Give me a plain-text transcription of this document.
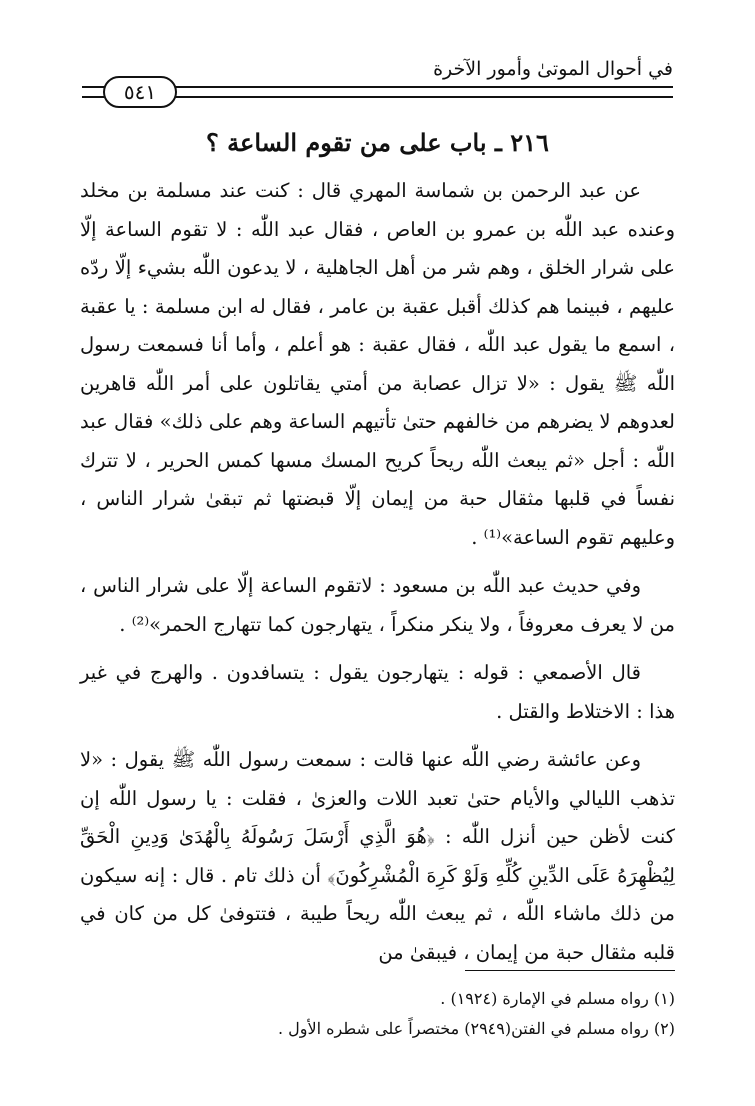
في أحوال الموتىٰ وأمور الآخرة
٥٤١
٢١٦ ـ باب على من تقوم الساعة ؟

عن عبد الرحمن بن شماسة المهري قال : كنت عند مسلمة بن مخلد وعنده عبد اللّٰه بن عمرو بن العاص ، فقال عبد اللّٰه : لا تقوم الساعة إلّا على شرار الخلق ، وهم شر من أهل الجاهلية ، لا يدعون اللّٰه بشيء إلّا ردّه عليهم ، فبينما هم كذلك أقبل عقبة بن عامر ، فقال له ابن مسلمة : يا عقبة ، اسمع ما يقول عبد اللّٰه ، فقال عقبة : هو أعلم ، وأما أنا فسمعت رسول اللّٰه ﷺ يقول : «لا تزال عصابة من أمتي يقاتلون على أمر اللّٰه قاهرين لعدوهم لا يضرهم من خالفهم حتىٰ تأتيهم الساعة وهم على ذلك» فقال عبد اللّٰه : أجل «ثم يبعث اللّٰه ريحاً كريح المسك مسها كمس الحرير ، لا تترك نفساً في قلبها مثقال حبة من إيمان إلّا قبضتها ثم تبقىٰ شرار الناس ، وعليهم تقوم الساعة»⁽¹⁾ .

وفي حديث عبد اللّٰه بن مسعود : لاتقوم الساعة إلّا على شرار الناس ، من لا يعرف معروفاً ، ولا ينكر منكراً ، يتهارجون كما تتهارج الحمر»⁽²⁾ .

قال الأصمعي : قوله : يتهارجون يقول : يتسافدون . والهرج في غير هذا : الاختلاط والقتل .

وعن عائشة رضي اللّٰه عنها قالت : سمعت رسول اللّٰه ﷺ يقول : «لا تذهب الليالي والأيام حتىٰ تعبد اللات والعزىٰ ، فقلت : يا رسول اللّٰه إن كنت لأظن حين أنزل اللّٰه : ﴿هُوَ الَّذِي أَرْسَلَ رَسُولَهُ بِالْهُدَىٰ وَدِينِ الْحَقِّ لِيُظْهِرَهُ عَلَى الدِّينِ كُلِّهِ وَلَوْ كَرِهَ الْمُشْرِكُونَ﴾ أن ذلك تام . قال : إنه سيكون من ذلك ماشاء اللّٰه ، ثم يبعث اللّٰه ريحاً طيبة ، فتتوفىٰ كل من كان في قلبه مثقال حبة من إيمان ، فيبقىٰ من

(١) رواه مسلم في الإمارة (١٩٢٤) .
(٢) رواه مسلم في الفتن(٢٩٤٩) مختصراً على شطره الأول .
